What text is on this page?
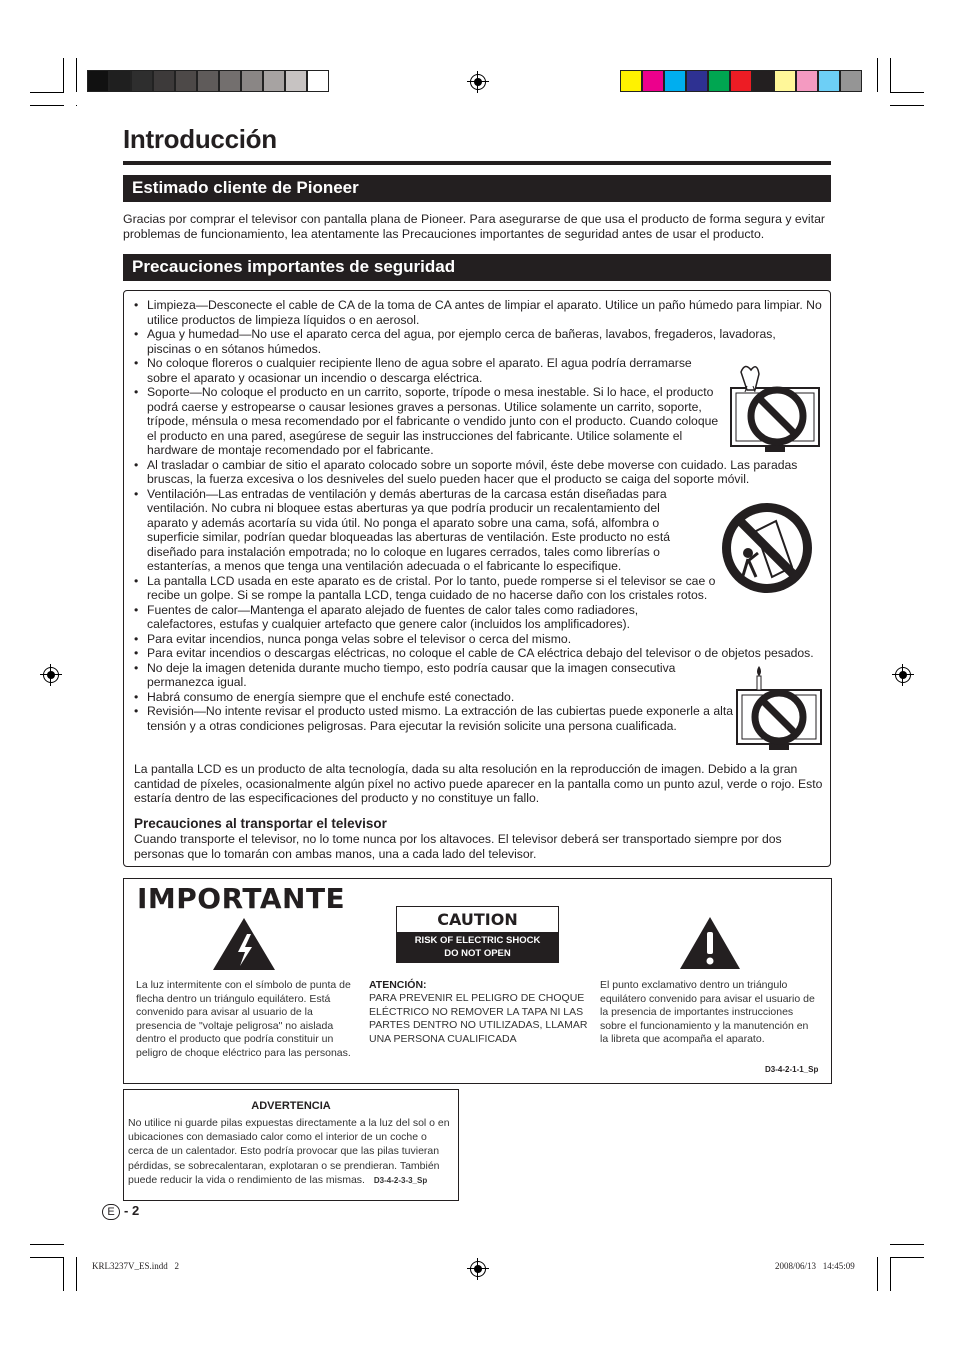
Introducción
Estimado cliente de Pioneer
Gracias por comprar el televisor con pantalla plana de Pioneer. Para asegurarse de que usa el producto de forma segura y evitar problemas de funcionamiento, lea atentamente las Precauciones importantes de seguridad antes de usar el producto.
Precauciones importantes de seguridad
• Limpieza—Desconecte el cable de CA de la toma de CA antes de limpiar el aparato. Utilice un paño húmedo para limpiar. No utilice productos de limpieza líquidos o en aerosol.
• Agua y humedad—No use el aparato cerca del agua, por ejemplo cerca de bañeras, lavabos, fregaderos, lavadoras, piscinas o en sótanos húmedos.
• No coloque floreros o cualquier recipiente lleno de agua sobre el aparato. El agua podría derramarse sobre el aparato y ocasionar un incendio o descarga eléctrica.
• Soporte—No coloque el producto en un carrito, soporte, trípode o mesa inestable. Si lo hace, el producto podrá caerse y estropearse o causar lesiones graves a personas. Utilice solamente un carrito, soporte, trípode, ménsula o mesa recomendado por el fabricante o vendido junto con el producto. Cuando coloque el producto en una pared, asegúrese de seguir las instrucciones del fabricante. Utilice solamente el hardware de montaje recomendado por el fabricante.
• Al trasladar o cambiar de sitio el aparato colocado sobre un soporte móvil, éste debe moverse con cuidado. Las paradas bruscas, la fuerza excesiva o los desniveles del suelo pueden hacer que el producto se caiga del soporte móvil.
• Ventilación—Las entradas de ventilación y demás aberturas de la carcasa están diseñadas para ventilación. No cubra ni bloquee estas aberturas ya que podría producir un recalentamiento del aparato y además acortaría su vida útil. No ponga el aparato sobre una cama, sofá, alfombra o superficie similar, podrían quedar bloqueadas las aberturas de ventilación. Este producto no está diseñado para instalación empotrada; no lo coloque en lugares cerrados, tales como librerías o estanterías, a menos que tenga una ventilación adecuada o el fabricante lo especifique.
• La pantalla LCD usada en este aparato es de cristal. Por lo tanto, puede romperse si el televisor se cae o recibe un golpe. Si se rompe la pantalla LCD, tenga cuidado de no hacerse daño con los cristales rotos.
• Fuentes de calor—Mantenga el aparato alejado de fuentes de calor tales como radiadores, calefactores, estufas y cualquier artefacto que genere calor (incluidos los amplificadores).
• Para evitar incendios, nunca ponga velas sobre el televisor o cerca del mismo.
• Para evitar incendios o descargas eléctricas, no coloque el cable de CA eléctrica debajo del televisor o de objetos pesados.
• No deje la imagen detenida durante mucho tiempo, esto podría causar que la imagen consecutiva permanezca igual.
• Habrá consumo de energía siempre que el enchufe esté conectado.
• Revisión—No intente revisar el producto usted mismo. La extracción de las cubiertas puede exponerle a alta tensión y a otras condiciones peligrosas. Para ejecutar la revisión solicite una persona cualificada.
La pantalla LCD es un producto de alta tecnología, dada su alta resolución en la reproducción de imagen. Debido a la gran cantidad de píxeles, ocasionalmente algún píxel no activo puede aparecer en la pantalla como un punto azul, verde o rojo. Esto estaría dentro de las especificaciones del producto y no constituye un fallo.
Precauciones al transportar el televisor
Cuando transporte el televisor, no lo tome nunca por los altavoces. El televisor deberá ser transportado siempre por dos personas que lo tomarán con ambas manos, una a cada lado del televisor.
IMPORTANTE
CAUTION
RISK OF ELECTRIC SHOCK
DO NOT OPEN
La luz intermitente con el símbolo de punta de flecha dentro un triángulo equilátero. Está convenido para avisar al usuario de la presencia de "voltaje peligrosa" no aislada dentro el producto que podría constituir un peligro de choque eléctrico para las personas.
ATENCIÓN:
PARA PREVENIR EL PELIGRO DE CHOQUE ELÉCTRICO NO REMOVER LA TAPA NI LAS PARTES DENTRO NO UTILIZADAS, LLAMAR UNA PERSONA CUALIFICADA
El punto exclamativo dentro un triángulo equilátero convenido para avisar el usuario de la presencia de importantes instrucciones sobre el funcionamiento y la manutención en la libreta que acompaña el aparato.
D3-4-2-1-1_Sp
ADVERTENCIA
No utilice ni guarde pilas expuestas directamente a la luz del sol o en ubicaciones con demasiado calor como el interior de un coche o cerca de un calentador. Esto podría provocar que las pilas tuvieran pérdidas, se sobrecalentaran, explotaran o se prendieran. También puede reducir la vida o rendimiento de las mismas. D3-4-2-3-3_Sp
E - 2
KRL3237V_ES.indd   2	2008/06/13   14:45:09
